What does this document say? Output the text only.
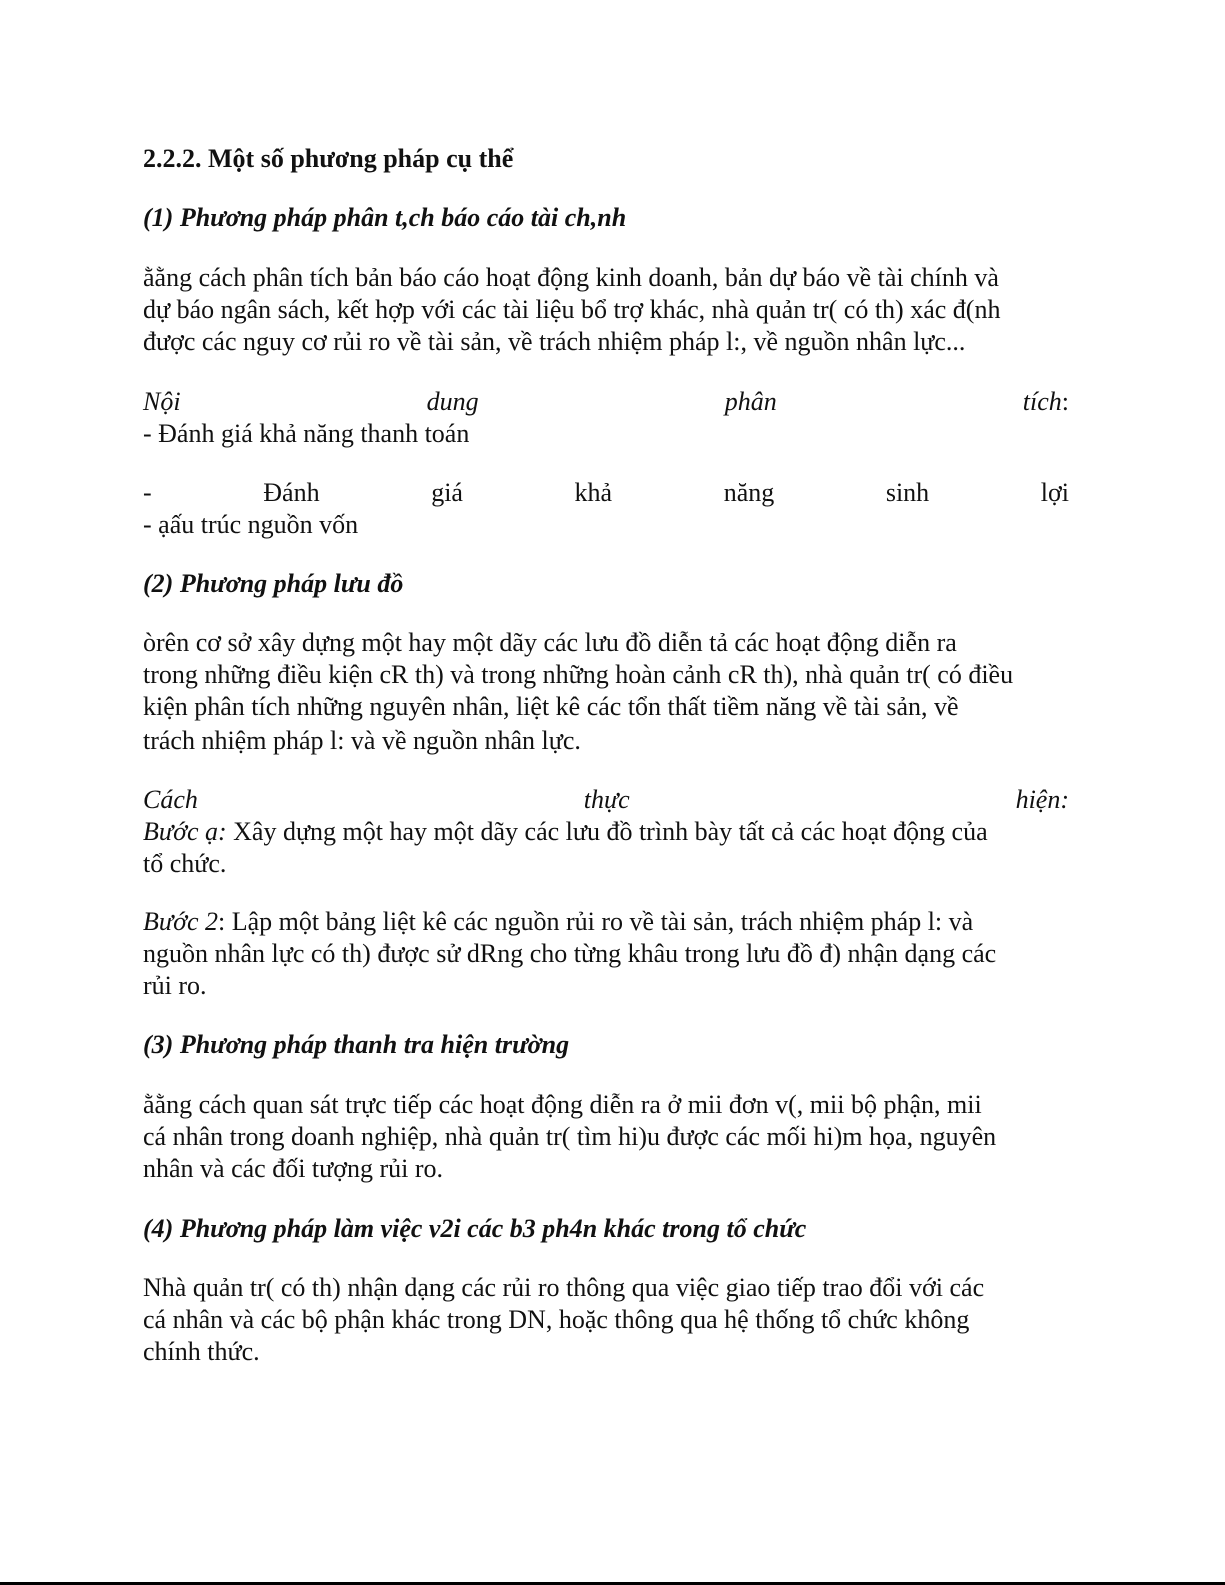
2.2.2. Một số phương pháp cụ thể
(1) Phương pháp phân t,ch báo cáo tài ch,nh
ằằng cách phân tích bản báo cáo hoạt động kinh doanh, bản dự báo về tài chính và
dự báo ngân sách, kết hợp với các tài liệu bổ trợ khác, nhà quản tr( có th) xác đ(nh
được các nguy cơ rủi ro về tài sản, về trách nhiệm pháp l:, về nguồn nhân lực...
Nội	dung	phân	tích:
- Đánh giá khả năng thanh toán
-	Đánh	giá	khả	năng	sinh	lợi
- ạấu trúc nguồn vốn
(2) Phương pháp lưu đồ
òrên cơ sở xây dựng một hay một dãy các lưu đồ diễn tả các hoạt động diễn ra
trong những điều kiện cR th) và trong những hoàn cảnh cR th), nhà quản tr( có điều
kiện phân tích những nguyên nhân, liệt kê các tổn thất tiềm năng về tài sản, về
trách nhiệm pháp l: và về nguồn nhân lực.
Cách	thực	hiện:
Bước ạ: Xây dựng một hay một dãy các lưu đồ trình bày tất cả các hoạt động của
tổ chức.
Bước 2: Lập một bảng liệt kê các nguồn rủi ro về tài sản, trách nhiệm pháp l: và
nguồn nhân lực có th) được sử dRng cho từng khâu trong lưu đồ đ) nhận dạng các
rủi ro.
(3) Phương pháp thanh tra hiện trường
ằằng cách quan sát trực tiếp các hoạt động diễn ra ở mii đơn v(, mii bộ phận, mii
cá nhân trong doanh nghiệp, nhà quản tr( tìm hi)u được các mối hi)m họa, nguyên
nhân và các đối tượng rủi ro.
(4) Phương pháp làm việc v2i các b3 ph4n khác trong tổ chức
Nhà quản tr( có th) nhận dạng các rủi ro thông qua việc giao tiếp trao đổi với các
cá nhân và các bộ phận khác trong DN, hoặc thông qua hệ thống tổ chức không
chính thức.
